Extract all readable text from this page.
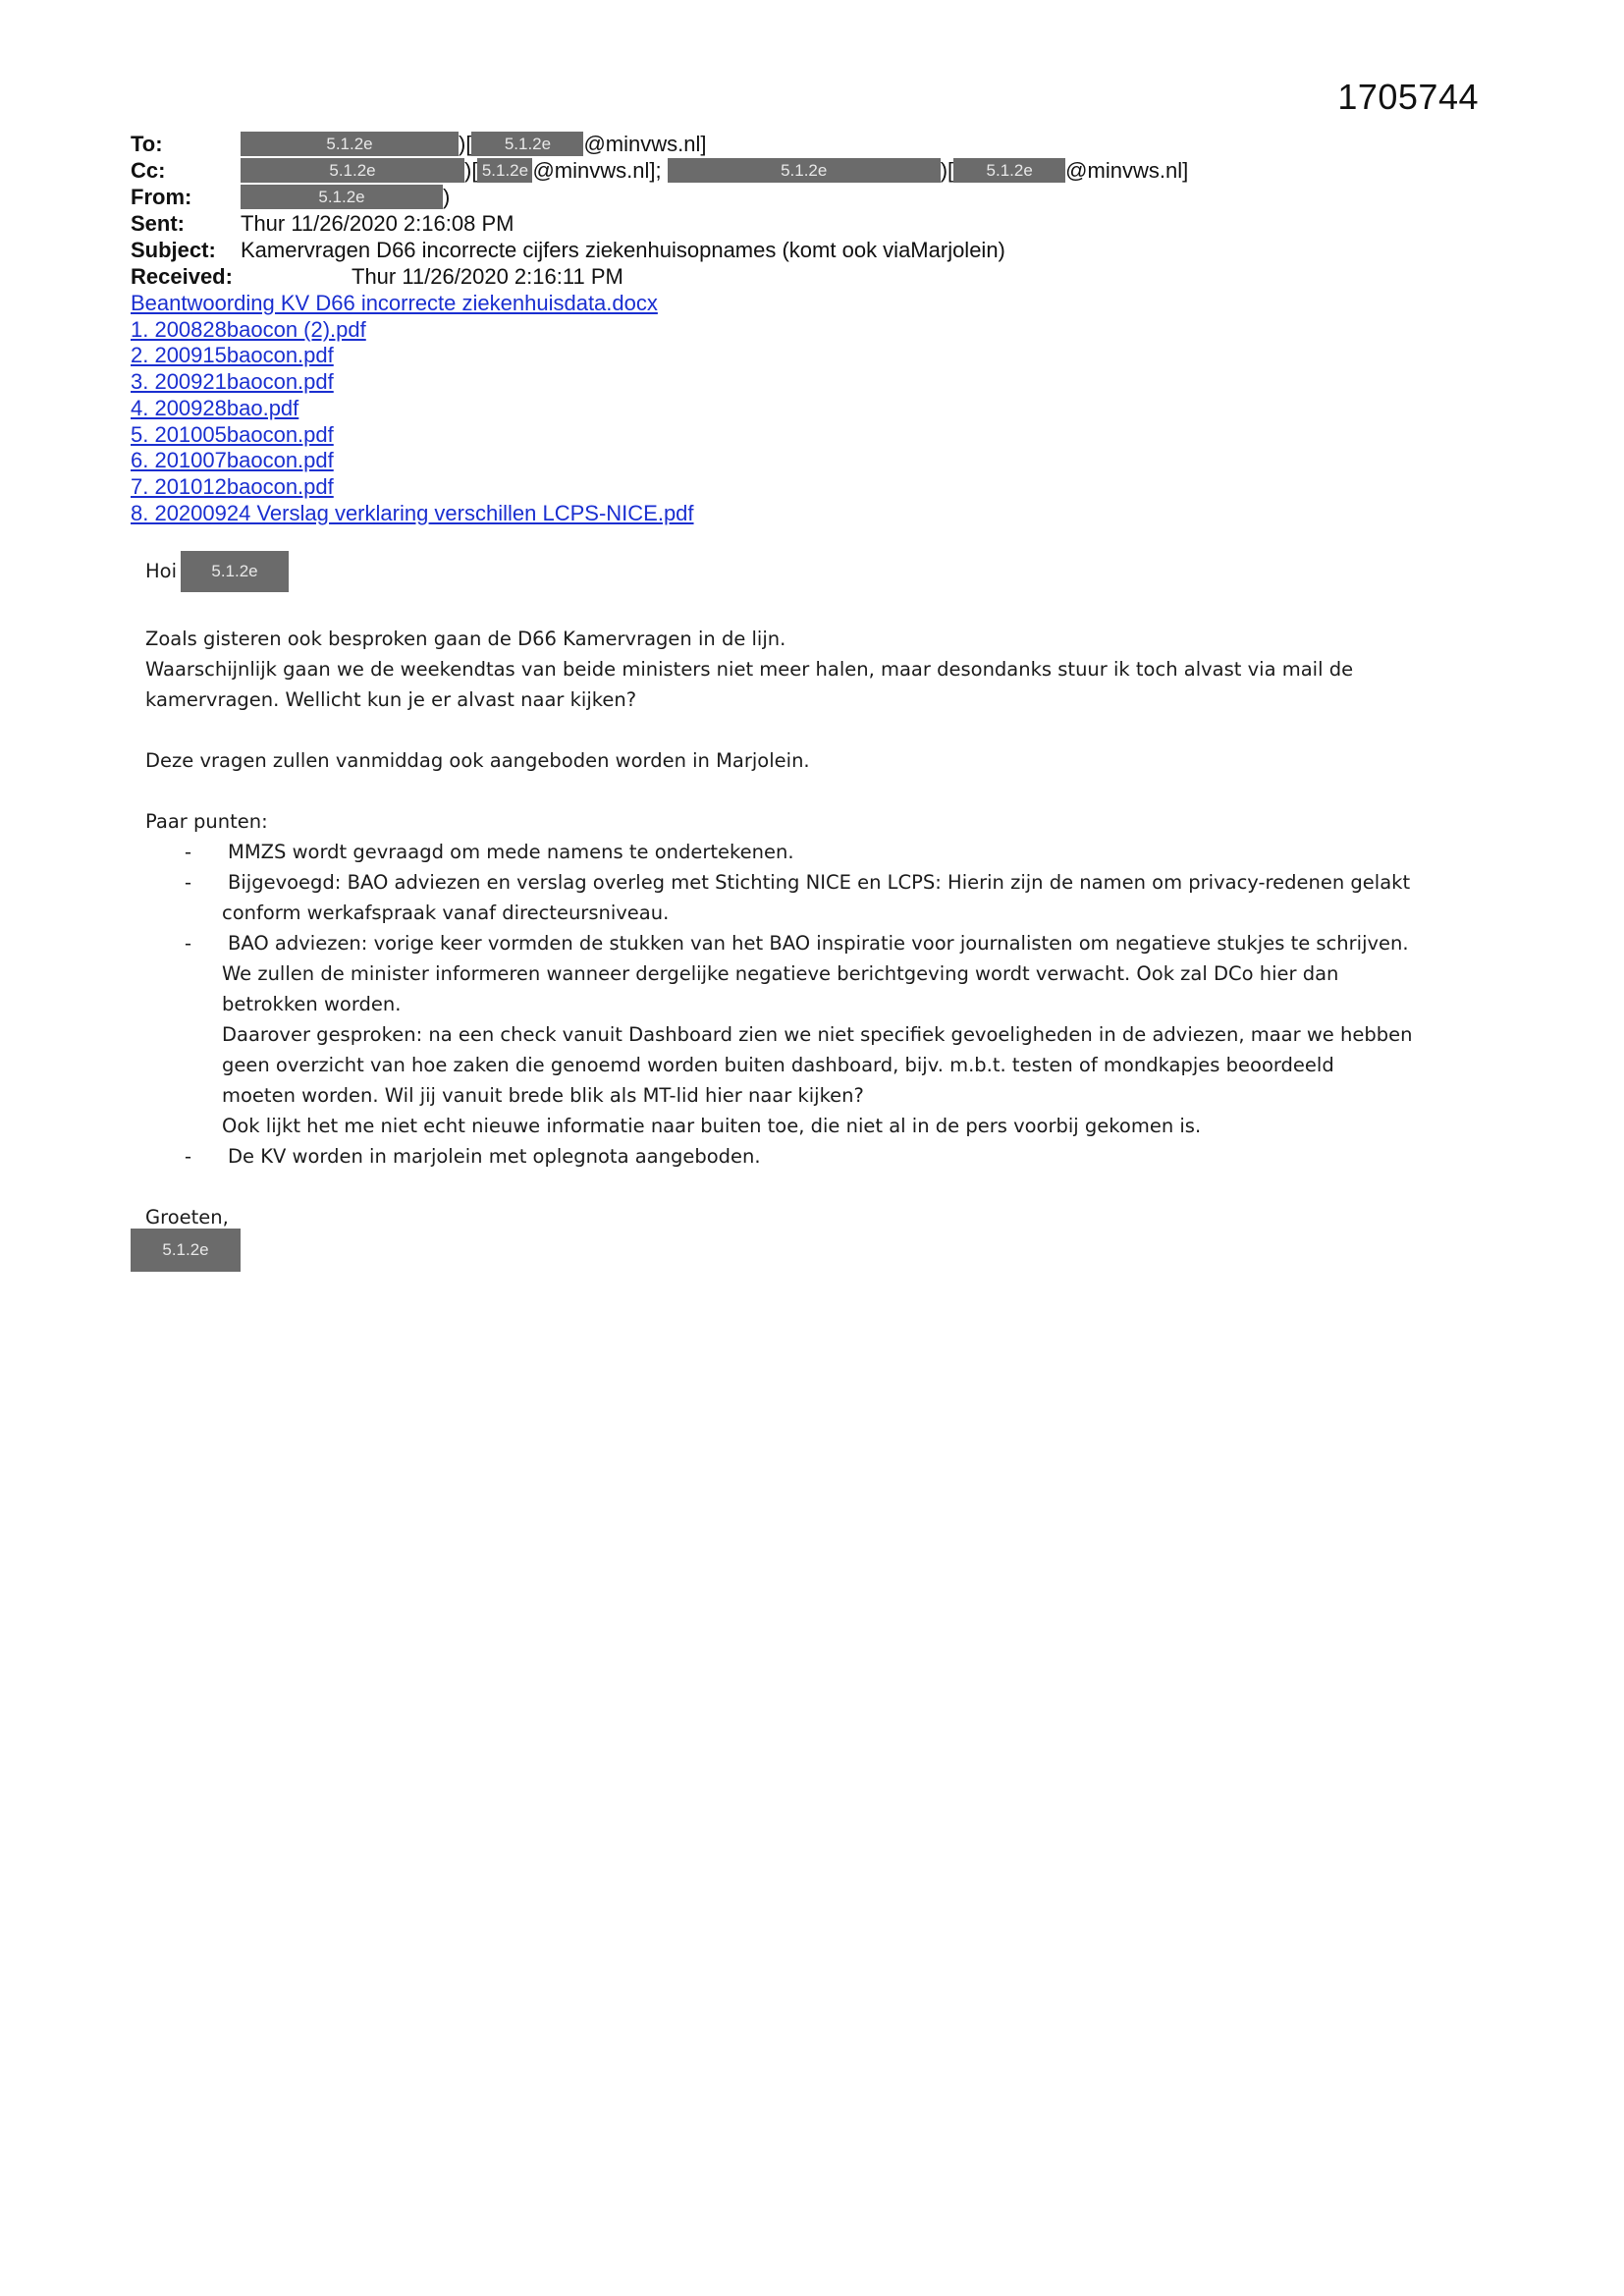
1705744
To:	5.1.2e	)[ 5.1.2e @minvws.nl]
Cc:	5.1.2e	)[ 5.1.2e @minvws.nl];	5.1.2e	)[ 5.1.2e @minvws.nl]
From:	5.1.2e	)
Sent:	Thur 11/26/2020 2:16:08 PM
Subject: Kamervragen D66 incorrecte cijfers ziekenhuisopnames (komt ook viaMarjolein)
Received:	Thur 11/26/2020 2:16:11 PM
Beantwoording KV D66 incorrecte ziekenhuisdata.docx
1. 200828baocon (2).pdf
2. 200915baocon.pdf
3. 200921baocon.pdf
4. 200928bao.pdf
5. 201005baocon.pdf
6. 201007baocon.pdf
7. 201012baocon.pdf
8. 20200924 Verslag verklaring verschillen LCPS-NICE.pdf
Hoi	5.1.2e

Zoals gisteren ook besproken gaan de D66 Kamervragen in de lijn.

Waarschijnlijk gaan we de weekendtas van beide ministers niet meer halen, maar desondanks stuur ik toch alvast via mail de

kamervragen. Wellicht kun je er alvast naar kijken?

Deze vragen zullen vanmiddag ook aangeboden worden in Marjolein.

Paar punten:

- MMZS wordt gevraagd om mede namens te ondertekenen.
- Bijgevoegd: BAO adviezen en verslag overleg met Stichting NICE en LCPS: Hierin zijn de namen om privacy-redenen gelakt
conform werkafspraak vanaf directeursniveau.
- BAO adviezen: vorige keer vormden de stukken van het BAO inspiratie voor journalisten om negatieve stukjes te schrijven.
We zullen de minister informeren wanneer dergelijke negatieve berichtgeving wordt verwacht. Ook zal DCo hier dan
betrokken worden.
Daarover gesproken: na een check vanuit Dashboard zien we niet specifiek gevoeligheden in de adviezen, maar we hebben
geen overzicht van hoe zaken die genoemd worden buiten dashboard, bijv. m.b.t. testen of mondkapjes beoordeeld
moeten worden. Wil jij vanuit brede blik als MT-lid hier naar kijken?
Ook lijkt het me niet echt nieuwe informatie naar buiten toe, die niet al in de pers voorbij gekomen is.
- De KV worden in marjolein met oplegnota aangeboden.

Groeten,

5.1.2e
